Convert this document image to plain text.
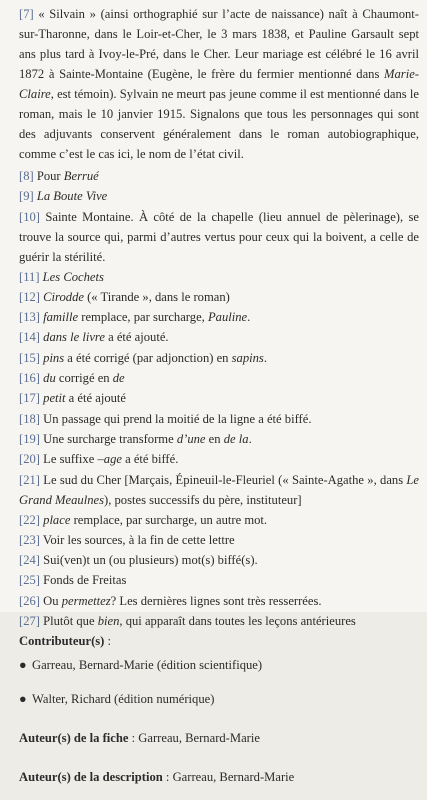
[7] « Silvain » (ainsi orthographié sur l’acte de naissance) naît à Chaumont-sur-Tharonne, dans le Loir-et-Cher, le 3 mars 1838, et Pauline Garsault sept ans plus tard à Ivoy-le-Pré, dans le Cher. Leur mariage est célébré le 16 avril 1872 à Sainte-Montaine (Eugène, le frère du fermier mentionné dans Marie-Claire, est témoin). Sylvain ne meurt pas jeune comme il est mentionné dans le roman, mais le 10 janvier 1915. Signalons que tous les personnages qui sont des adjuvants conservent généralement dans le roman autobiographique, comme c’est le cas ici, le nom de l’état civil.

[8] Pour Berrué

[9] La Boute Vive

[10] Sainte Montaine. À côté de la chapelle (lieu annuel de pèlerinage), se trouve la source qui, parmi d’autres vertus pour ceux qui la boivent, a celle de guérir la stérilité.

[11] Les Cochets

[12] Cirodde (« Tirande », dans le roman)

[13] famille remplace, par surcharge, Pauline.

[14] dans le livre a été ajouté.

[15] pins a été corrigé (par adjonction) en sapins.

[16] du corrigé en de

[17] petit a été ajouté

[18] Un passage qui prend la moitié de la ligne a été biffé.

[19] Une surcharge transforme d’une en de la.

[20] Le suffixe –age a été biffé.

[21] Le sud du Cher [Marçais, Épineuil-le-Fleuriel (« Sainte-Agathe », dans Le Grand Meaulnes), postes successifs du père, instituteur]

[22] place remplace, par surcharge, un autre mot.

[23] Voir les sources, à la fin de cette lettre

[24] Sui(ven)t un (ou plusieurs) mot(s) biffé(s).

[25] Fonds de Freitas

[26] Ou permettez? Les dernières lignes sont très resserrées.

[27] Plutôt que bien, qui apparaît dans toutes les leçons antérieures

Contributeur(s) :
● Garreau, Bernard-Marie (édition scientifique)
● Walter, Richard (édition numérique)
Auteur(s) de la fiche : Garreau, Bernard-Marie
Auteur(s) de la description : Garreau, Bernard-Marie
